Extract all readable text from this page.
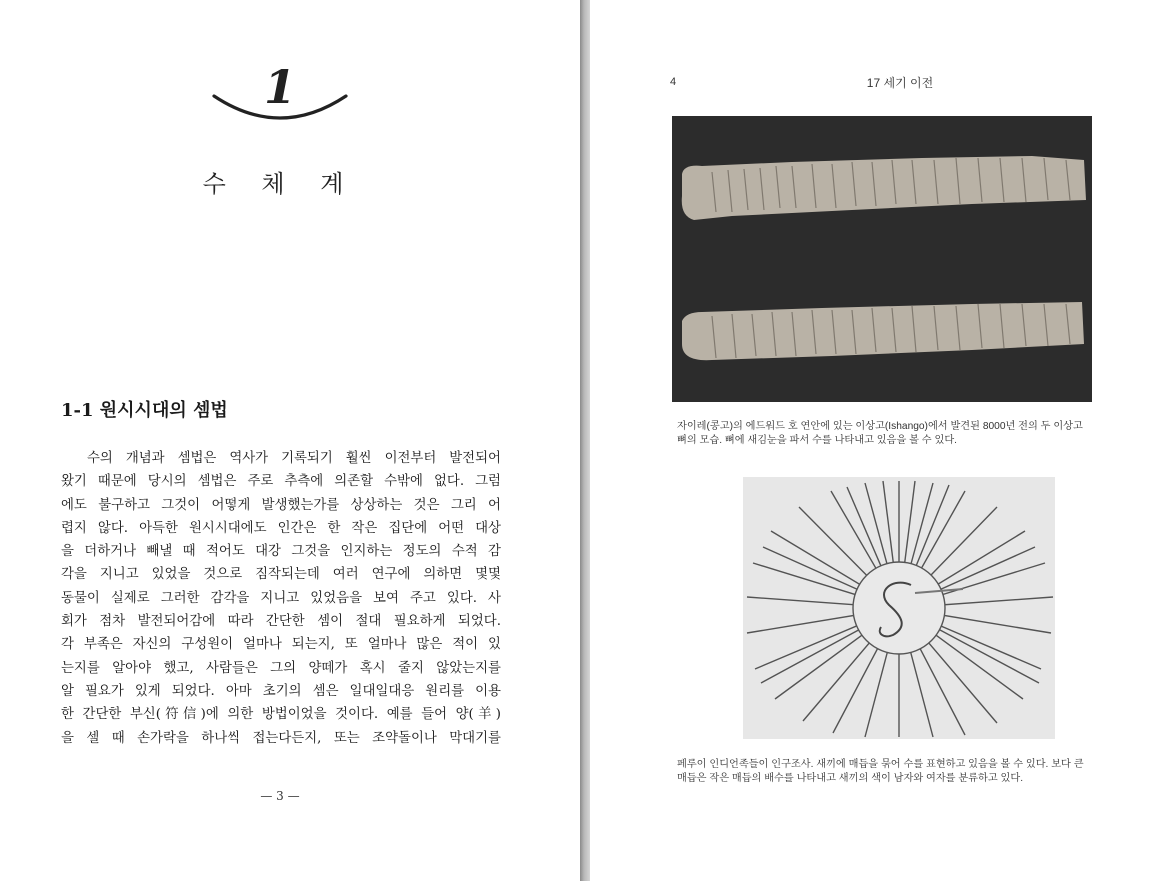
1
수 체 계
1-1 원시시대의 셈법
수의 개념과 셈법은 역사가 기록되기 훨씬 이전부터 발전되어
왔기 때문에 당시의 셈법은 주로 추측에 의존할 수밖에 없다. 그럼
에도 불구하고 그것이 어떻게 발생했는가를 상상하는 것은 그리 어
렵지 않다. 아득한 원시시대에도 인간은 한 작은 집단에 어떤 대상
을 더하거나 빼낼 때 적어도 대강 그것을 인지하는 정도의 수적 감
각을 지니고 있었을 것으로 짐작되는데 여러 연구에 의하면 몇몇
동물이 실제로 그러한 감각을 지니고 있었음을 보여 주고 있다. 사
회가 점차 발전되어감에 따라 간단한 셈이 절대 필요하게 되었다.
각 부족은 자신의 구성원이 얼마나 되는지, 또 얼마나 많은 적이 있
는지를 알아야 했고, 사람들은 그의 양떼가 혹시 줄지 않았는지를
알 필요가 있게 되었다. 아마 초기의 셈은 일대일대응 원리를 이용
한 간단한 부신(符信)에 의한 방법이었을 것이다. 예를 들어 양(羊)
을 셀 때 손가락을 하나씩 접는다든지, 또는 조약돌이나 막대기를
— 3 —
4	17 세기 이전
자이레(콩고)의 에드워드 호 연안에 있는 이상고(Ishango)에서 발견된 8000년 전의 두 이상고 뼈의 모습. 뼈에 새김눈을 파서 수를 나타내고 있음을 볼 수 있다.
페루이 인디언족들이 인구조사. 새끼에 매듭을 묶어 수를 표현하고 있음을 볼 수 있다. 보다 큰 매듭은 작은 매듭의 배수를 나타내고 새끼의 색이 남자와 여자를 분류하고 있다.
